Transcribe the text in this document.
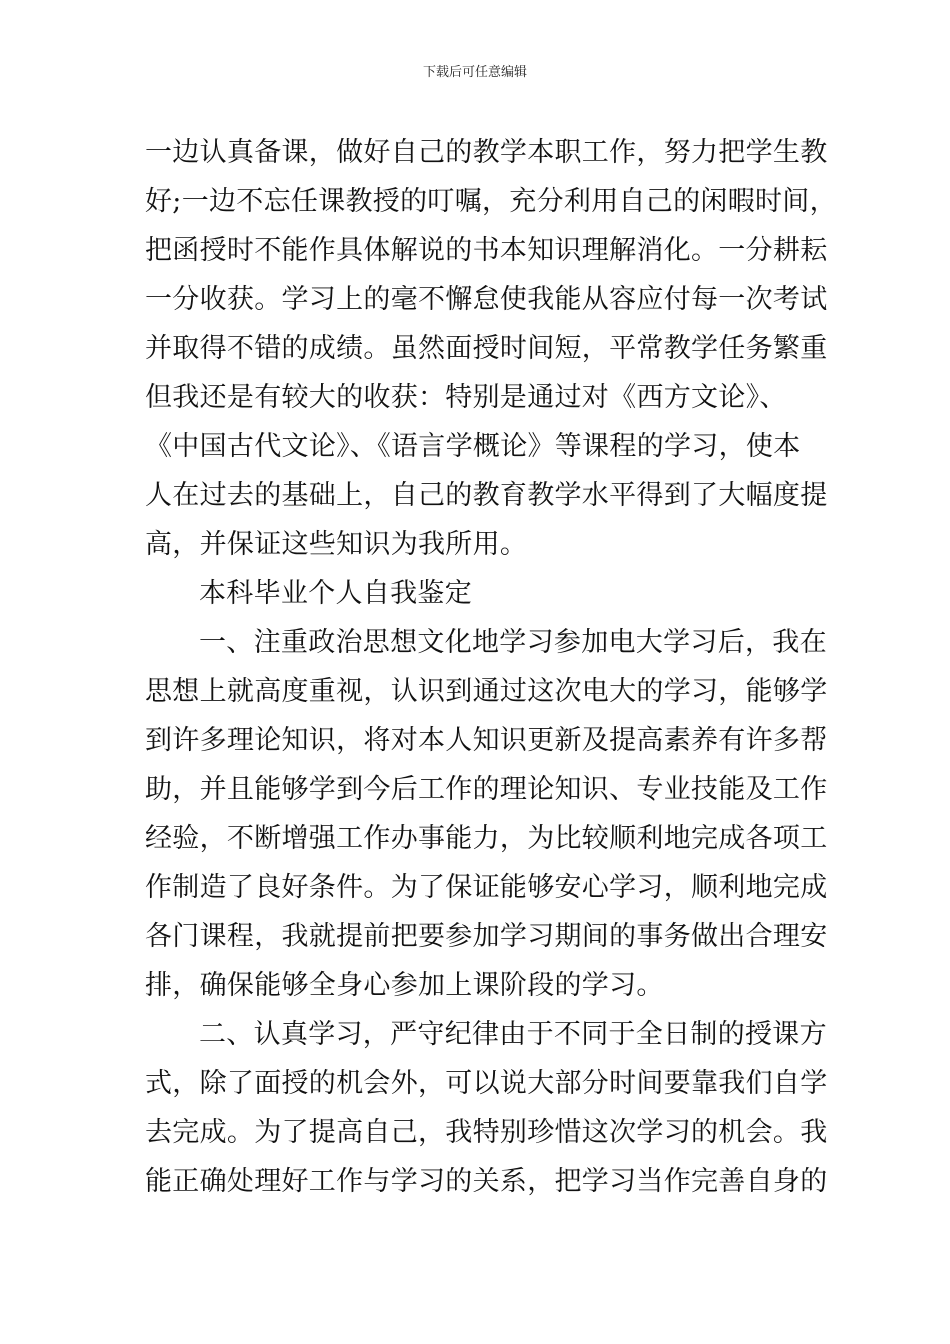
下载后可任意编辑
一边认真备课，做好自己的教学本职工作，努力把学生教
好;一边不忘任课教授的叮嘱，充分利用自己的闲暇时间，
把函授时不能作具体解说的书本知识理解消化。一分耕耘
一分收获。学习上的毫不懈怠使我能从容应付每一次考试
并取得不错的成绩。虽然面授时间短，平常教学任务繁重
但我还是有较大的收获：特别是通过对《西方文论》、
《中国古代文论》、《语言学概论》等课程的学习，使本
人在过去的基础上，自己的教育教学水平得到了大幅度提
高，并保证这些知识为我所用。
本科毕业个人自我鉴定
一、注重政治思想文化地学习参加电大学习后，我在
思想上就高度重视，认识到通过这次电大的学习，能够学
到许多理论知识，将对本人知识更新及提高素养有许多帮
助，并且能够学到今后工作的理论知识、专业技能及工作
经验，不断增强工作办事能力，为比较顺利地完成各项工
作制造了良好条件。为了保证能够安心学习，顺利地完成
各门课程，我就提前把要参加学习期间的事务做出合理安
排，确保能够全身心参加上课阶段的学习。
二、认真学习，严守纪律由于不同于全日制的授课方
式，除了面授的机会外，可以说大部分时间要靠我们自学
去完成。为了提高自己，我特别珍惜这次学习的机会。我
能正确处理好工作与学习的关系，把学习当作完善自身的
